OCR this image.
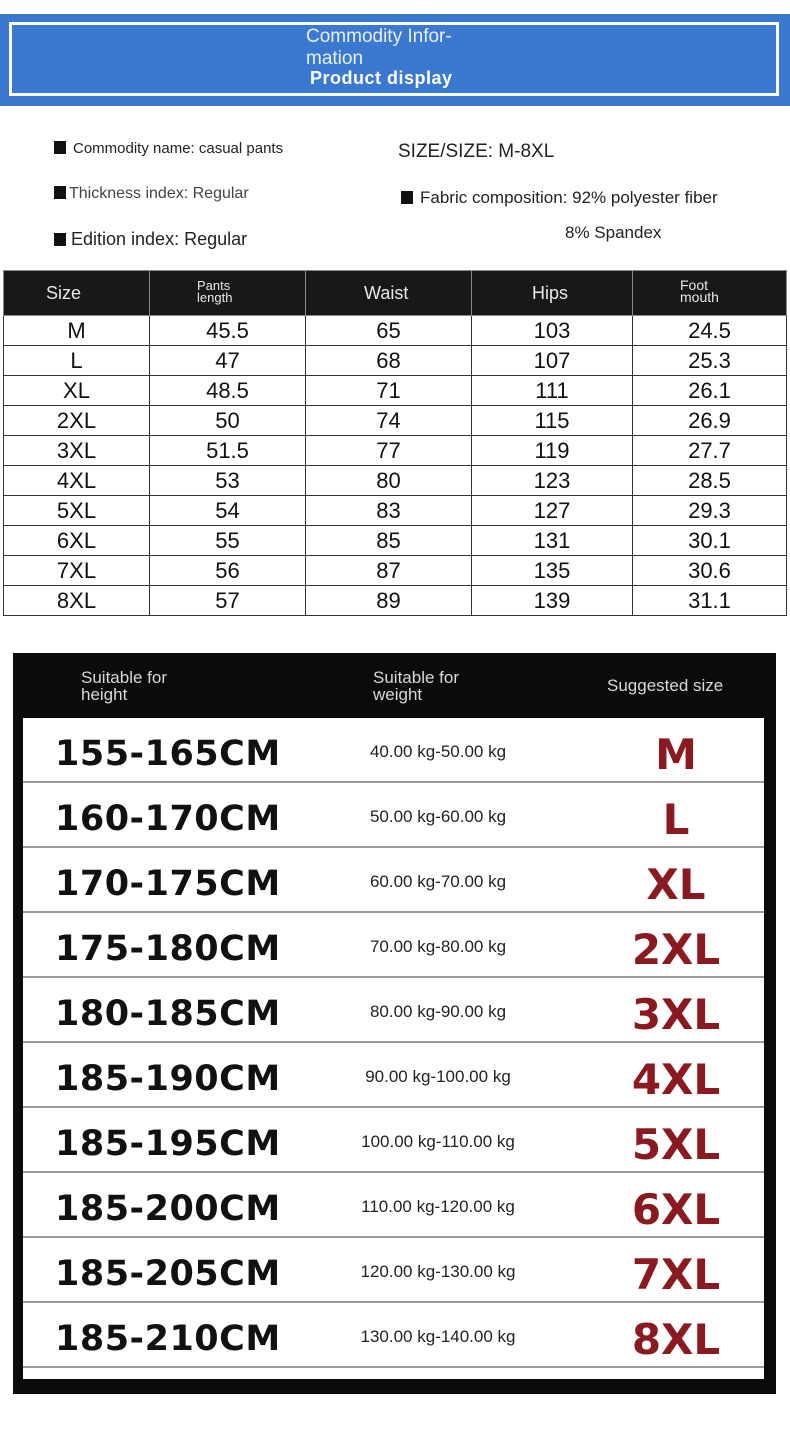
Commodity Infor- mation
Product display
Commodity name: casual pants	SIZE/SIZE: M-8XL
Thickness index: Regular	Fabric composition: 92% polyester fiber
8% Spandex
Edition index: Regular
Size	Pants length	Waist	Hips	Foot mouth
M	45.5	65	103	24.5
L	47	68	107	25.3
XL	48.5	71	111	26.1
2XL	50	74	115	26.9
3XL	51.5	77	119	27.7
4XL	53	80	123	28.5
5XL	54	83	127	29.3
6XL	55	85	131	30.1
7XL	56	87	135	30.6
8XL	57	89	139	31.1
Suitable for height
Suitable for weight	Suggested size
155-165CM	40.00 kg-50.00 kg	M
160-170CM	50.00 kg-60.00 kg	L
170-175CM	60.00 kg-70.00 kg	XL
175-180CM	70.00 kg-80.00 kg	2XL
180-185CM	80.00 kg-90.00 kg	3XL
185-190CM	90.00 kg-100.00 kg	4XL
185-195CM	100.00 kg-110.00 kg	5XL
185-200CM	110.00 kg-120.00 kg	6XL
185-205CM	120.00 kg-130.00 kg	7XL
185-210CM	130.00 kg-140.00 kg	8XL
